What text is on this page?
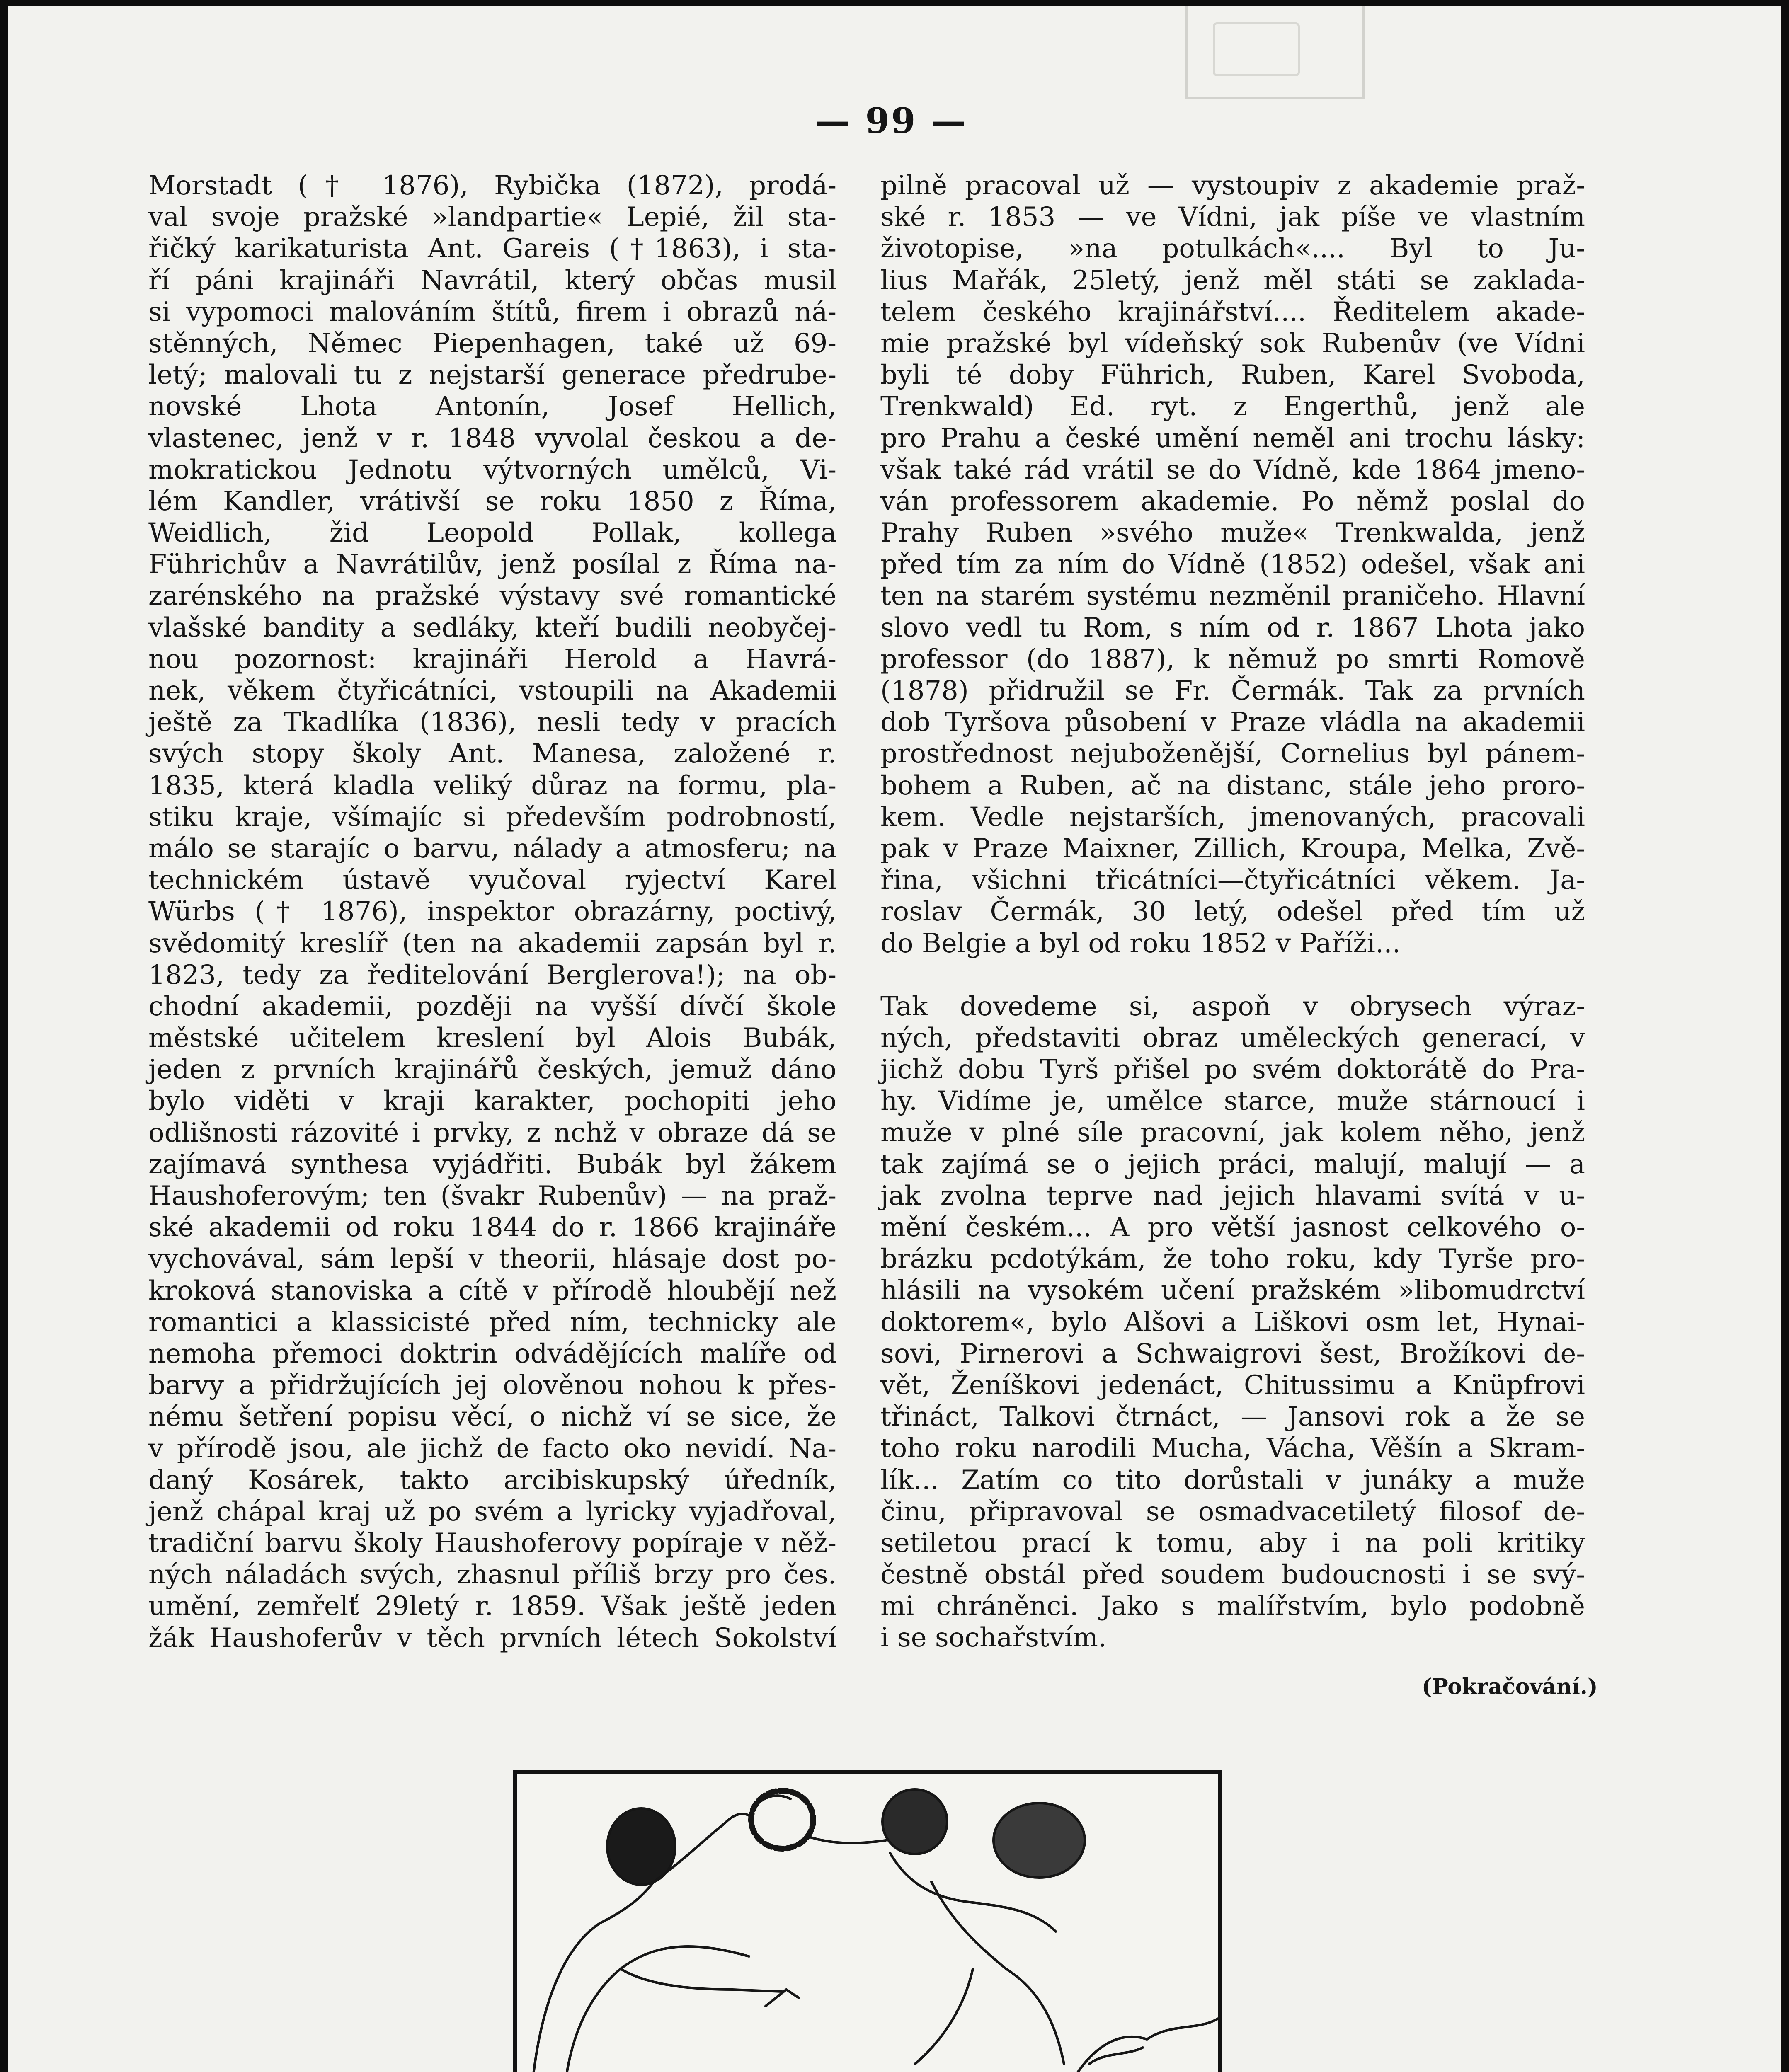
— 99 —
Morstadt († 1876), Rybička (1872), prodá-
val svoje pražské »landpartie« Lepié, žil sta-
řičký karikaturista Ant. Gareis (†1863), i sta-
ří páni krajináři Navrátil, který občas musil
si vypomoci malováním štítů, firem i obrazů ná-
stěnných, Němec Piepenhagen, také už 69-
letý; malovali tu z nejstarší generace předrube-
novské Lhota Antonín, Josef Hellich,
vlastenec, jenž v r. 1848 vyvolal českou a de-
mokratickou Jednotu výtvorných umělců, Vi-
lém Kandler, vrátivší se roku 1850 z Říma,
Weidlich, žid Leopold Pollak, kollega
Führichův a Navrátilův, jenž posílal z Říma na-
zarénského na pražské výstavy své romantické
vlašské bandity a sedláky, kteří budili neobyčej-
nou pozornost: krajináři Herold a Havrá-
nek, věkem čtyřicátníci, vstoupili na Akademii
ještě za Tkadlíka (1836), nesli tedy v pracích
svých stopy školy Ant. Manesa, založené r.
1835, která kladla veliký důraz na formu, pla-
stiku kraje, všímajíc si především podrobností,
málo se starajíc o barvu, nálady a atmosferu; na
technickém ústavě vyučoval ryjectví Karel
Würbs († 1876), inspektor obrazárny, poctivý,
svědomitý kreslíř (ten na akademii zapsán byl r.
1823, tedy za ředitelování Berglerova!); na ob-
chodní akademii, později na vyšší dívčí škole
městské učitelem kreslení byl Alois Bubák,
jeden z prvních krajinářů českých, jemuž dáno
bylo viděti v kraji karakter, pochopiti jeho
odlišnosti rázovité i prvky, z nchž v obraze dá se
zajímavá synthesa vyjádřiti. Bubák byl žákem
Haushoferovým; ten (švakr Rubenův) — na praž-
ské akademii od roku 1844 do r. 1866 krajináře
vychovával, sám lepší v theorii, hlásaje dost po-
kroková stanoviska a cítě v přírodě hloubějí než
romantici a klassicisté před ním, technicky ale
nemoha přemoci doktrin odvádějících malíře od
barvy a přidržujících jej olověnou nohou k přes-
nému šetření popisu věcí, o nichž ví se sice, že
v přírodě jsou, ale jichž de facto oko nevidí. Na-
daný Kosárek, takto arcibiskupský úředník,
jenž chápal kraj už po svém a lyricky vyjadřoval,
tradiční barvu školy Haushoferovy popíraje v něž-
ných náladách svých, zhasnul příliš brzy pro čes.
umění, zemřelť 29letý r. 1859. Však ještě jeden
žák Haushoferův v těch prvních létech Sokolství
pilně pracoval už — vystoupiv z akademie praž-
ské r. 1853 — ve Vídni, jak píše ve vlastním
životopise, »na potulkách«.... Byl to Ju-
lius Mařák, 25letý, jenž měl státi se zaklada-
telem českého krajinářství.... Ředitelem akade-
mie pražské byl vídeňský sok Rubenův (ve Vídni
byli té doby Führich, Ruben, Karel Svoboda,
Trenkwald) Ed. ryt. z Engerthů, jenž ale
pro Prahu a české umění neměl ani trochu lásky:
však také rád vrátil se do Vídně, kde 1864 jmeno-
ván professorem akademie. Po němž poslal do
Prahy Ruben »svého muže« Trenkwalda, jenž
před tím za ním do Vídně (1852) odešel, však ani
ten na starém systému nezměnil praničeho. Hlavní
slovo vedl tu Rom, s ním od r. 1867 Lhota jako
professor (do 1887), k němuž po smrti Romově
(1878) přidružil se Fr. Čermák. Tak za prvních
dob Tyršova působení v Praze vládla na akademii
prostřednost nejuboženější, Cornelius byl pánem-
bohem a Ruben, ač na distanc, stále jeho proro-
kem. Vedle nejstarších, jmenovaných, pracovali
pak v Praze Maixner, Zillich, Kroupa, Melka, Zvě-
řina, všichni třicátníci—čtyřicátníci věkem. Ja-
roslav Čermák, 30 letý, odešel před tím už
do Belgie a byl od roku 1852 v Paříži...
Tak dovedeme si, aspoň v obrysech výraz-
ných, představiti obraz uměleckých generací, v
jichž dobu Tyrš přišel po svém doktorátě do Pra-
hy. Vidíme je, umělce starce, muže stárnoucí i
muže v plné síle pracovní, jak kolem něho, jenž
tak zajímá se o jejich práci, malují, malují — a
jak zvolna teprve nad jejich hlavami svítá v u-
mění českém... A pro větší jasnost celkového o-
brázku pcdotýkám, že toho roku, kdy Tyrše pro-
hlásili na vysokém učení pražském »libomudrctví
doktorem«, bylo Alšovi a Liškovi osm let, Hynai-
sovi, Pirnerovi a Schwaigrovi šest, Brožíkovi de-
vět, Ženíškovi jedenáct, Chitussimu a Knüpfrovi
třináct, Talkovi čtrnáct, — Jansovi rok a že se
toho roku narodili Mucha, Vácha, Věšín a Skram-
lík... Zatím co tito dorůstali v junáky a muže
činu, připravoval se osmadvacetiletý filosof de-
setiletou prací k tomu, aby i na poli kritiky
čestně obstál před soudem budoucnosti i se svý-
mi chráněnci. Jako s malířstvím, bylo podobně
i se sochařstvím.
(Pokračování.)
